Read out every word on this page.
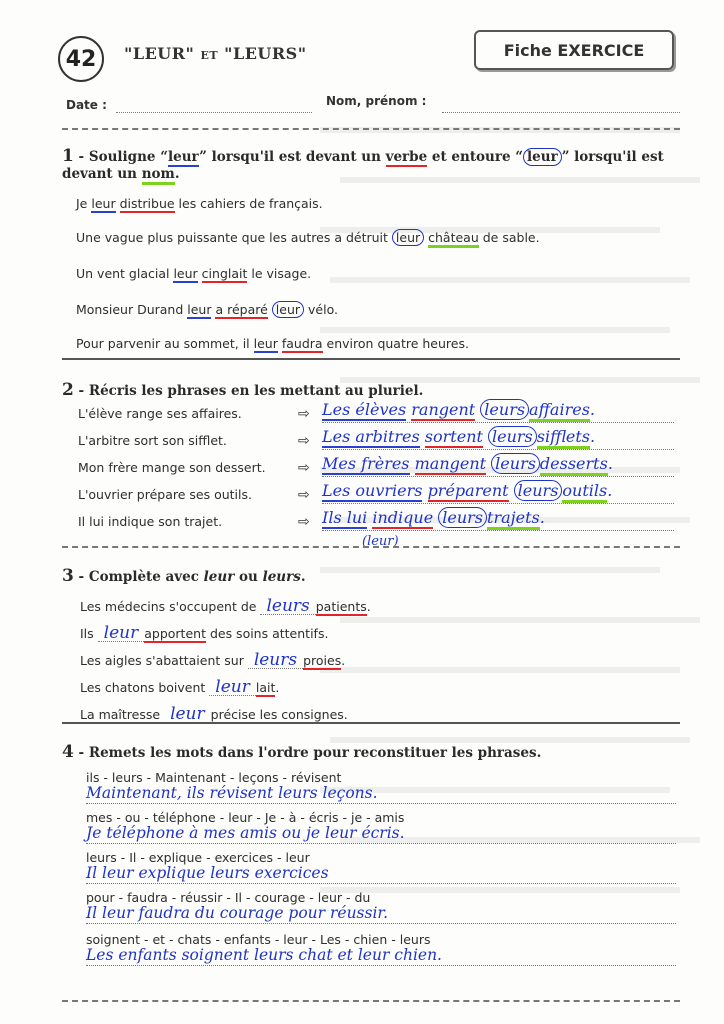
42	"LEUR" ET "LEURS"	Fiche EXERCICE
Date :	Nom, prénom :
1 - Souligne “leur” lorsqu'il est devant un verbe et entoure “ leur ” lorsqu'il est
devant un nom.
Je leur distribue les cahiers de français.
Une vague plus puissante que les autres a détruit leur château de sable.
Un vent glacial leur cinglait le visage.
Monsieur Durand leur a réparé leur vélo.
Pour parvenir au sommet, il leur faudra environ quatre heures.
2 - Récris les phrases en les mettant au pluriel.
L'élève range ses affaires.	⇨ Les élèves rangent leurs affaires.
L'arbitre sort son sifflet.	⇨ Les arbitres sortent leurs sifflets.
Mon frère mange son dessert. ⇨ Mes frères mangent leurs desserts.
L'ouvrier prépare ses outils.	⇨ Les ouvriers préparent leurs outils.
Il lui indique son trajet.	⇨ Ils lui indique leurs trajets.
(leur)
3 - Complète avec leur ou leurs.
Les médecins s'occupent de leurs patients.
Ils leur apportent des soins attentifs.
Les aigles s'abattaient sur leurs proies.
Les chatons boivent leur lait.
La maîtresse leur précise les consignes.
4 - Remets les mots dans l'ordre pour reconstituer les phrases.
ils - leurs - Maintenant - leçons - révisent
Maintenant, ils révisent leurs leçons.
mes - ou - téléphone - leur - Je - à - écris - je - amis
Je téléphone à mes amis ou je leur écris.
leurs - Il - explique - exercices - leur
Il leur explique leurs exercices
pour - faudra - réussir - Il - courage - leur - du
Il leur faudra du courage pour réussir.
soignent - et - chats - enfants - leur - Les - chien - leurs
Les enfants soignent leurs chat et leur chien.
